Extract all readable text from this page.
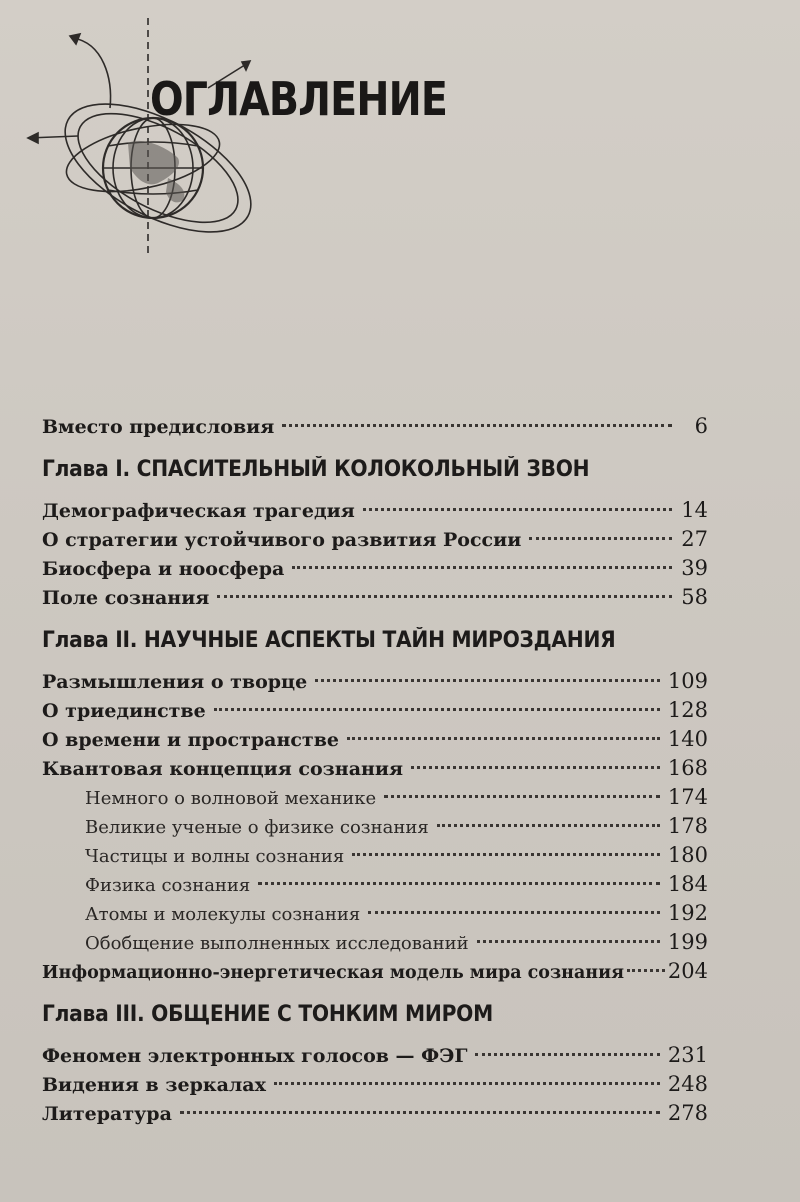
ОГЛАВЛЕНИЕ
Вместо предисловия	6
Глава I. СПАСИТЕЛЬНЫЙ КОЛОКОЛЬНЫЙ ЗВОН
Демографическая трагедия	14
О стратегии устойчивого развития России	27
Биосфера и ноосфера	39
Поле сознания	58
Глава II. НАУЧНЫЕ АСПЕКТЫ ТАЙН МИРОЗДАНИЯ
Размышления о творце	109
О триединстве	128
О времени и пространстве	140
Квантовая концепция сознания	168
Немного о волновой механике	174
Великие ученые о физике сознания	178
Частицы и волны сознания	180
Физика сознания	184
Атомы и молекулы сознания	192
Обобщение выполненных исследований	199
Информационно-энергетическая модель мира сознания 204
Глава III. ОБЩЕНИЕ С ТОНКИМ МИРОМ
Феномен электронных голосов — ФЭГ	231
Видения в зеркалах	248
Литература	278
